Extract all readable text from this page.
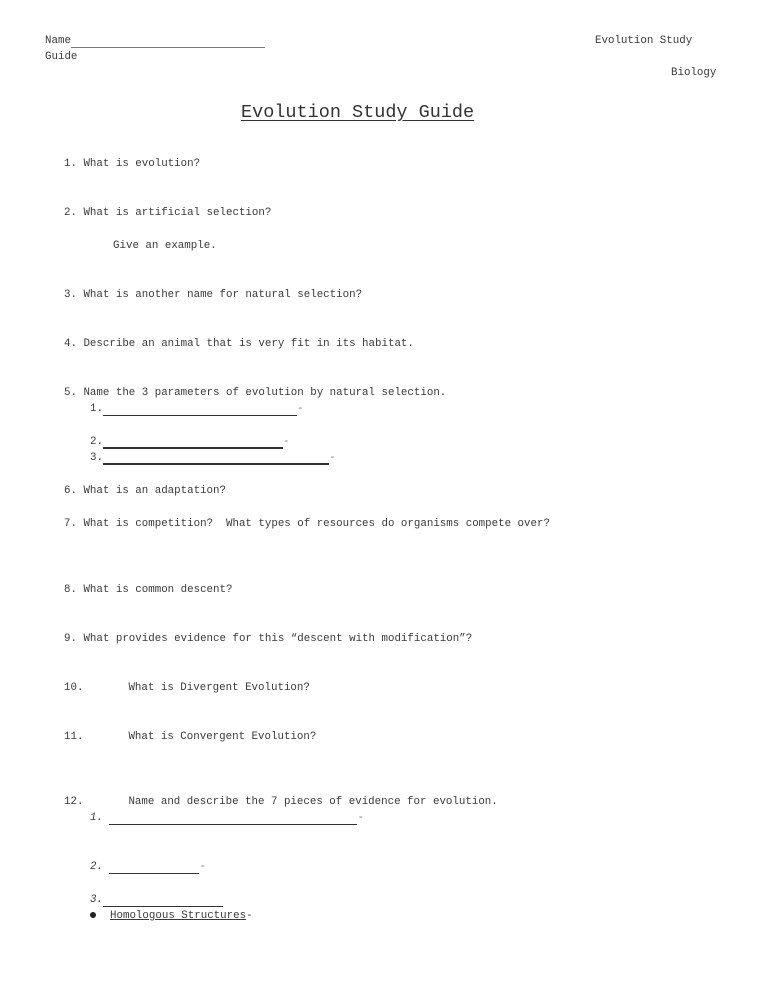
Name
Guide
Evolution Study
Biology
Evolution Study Guide
1. What is evolution?
2. What is artificial selection?
Give an example.
3. What is another name for natural selection?
4. Describe an animal that is very fit in its habitat.
5. Name the 3 parameters of evolution by natural selection.
1.	-
2.	-
3.	-
6. What is an adaptation?
7. What is competition?  What types of resources do organisms compete over?
8. What is common descent?
9. What provides evidence for this “descent with modification”?
10.	What is Divergent Evolution?
11.	What is Convergent Evolution?
12.	Name and describe the 7 pieces of evidence for evolution.
1.	-
2.	-
3.
Homologous Structures-
